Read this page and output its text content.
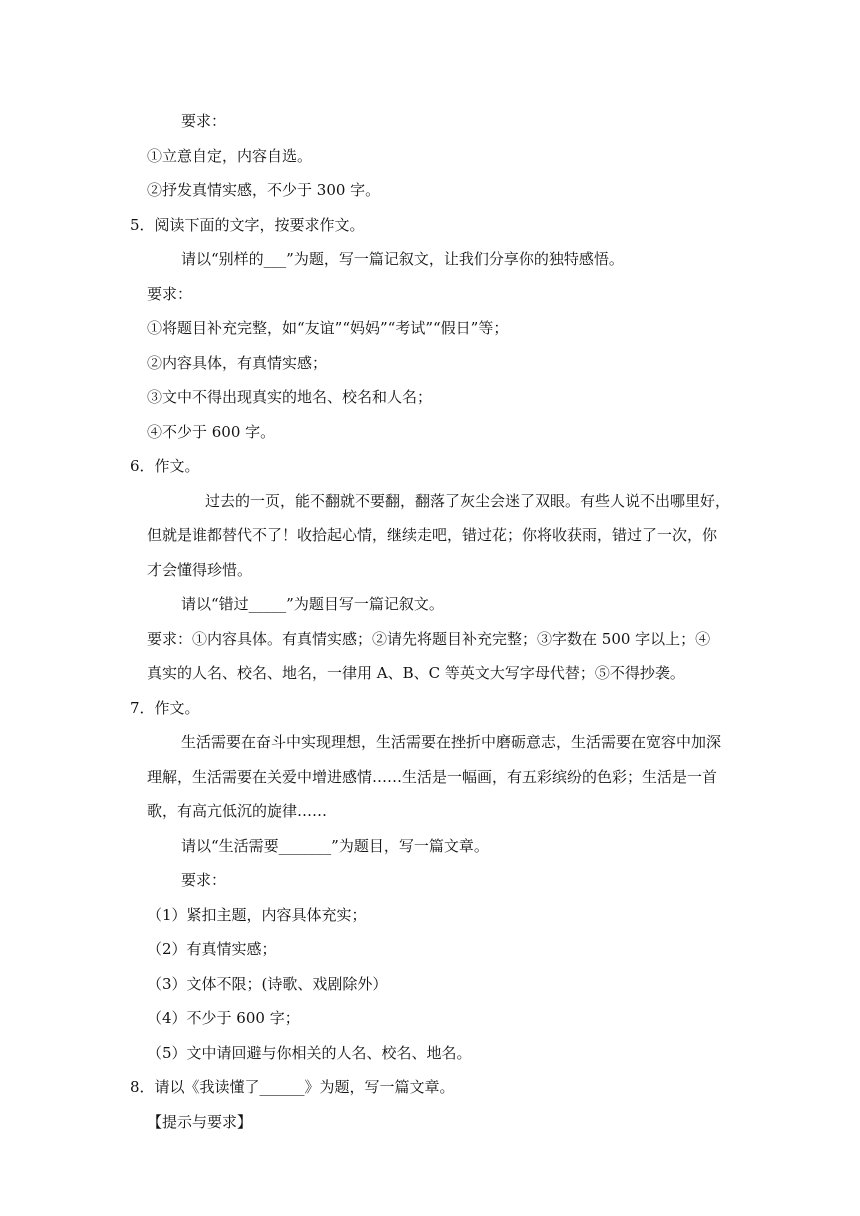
要求：
①立意自定，内容自选。
②抒发真情实感，不少于 300 字。
5．阅读下面的文字，按要求作文。
请以“别样的___”为题，写一篇记叙文，让我们分享你的独特感悟。
要求：
①将题目补充完整，如“友谊”“妈妈”“考试”“假日”等；
②内容具体，有真情实感；
③文中不得出现真实的地名、校名和人名；
④不少于 600 字。
6．作文。
过去的一页，能不翻就不要翻，翻落了灰尘会迷了双眼。有些人说不出哪里好，
但就是谁都替代不了！收拾起心情，继续走吧，错过花；你将收获雨，错过了一次，你
才会懂得珍惜。
请以“错过_____”为题目写一篇记叙文。
要求：①内容具体。有真情实感；②请先将题目补充完整；③字数在 500 字以上；④
真实的人名、校名、地名，一律用 A、B、C 等英文大写字母代替；⑤不得抄袭。
7．作文。
生活需要在奋斗中实现理想，生活需要在挫折中磨砺意志，生活需要在宽容中加深
理解，生活需要在关爱中增进感情……生活是一幅画，有五彩缤纷的色彩；生活是一首
歌，有高亢低沉的旋律……
请以“生活需要_______”为题目，写一篇文章。
要求：
（1）紧扣主题，内容具体充实；
（2）有真情实感；
（3）文体不限；(诗歌、戏剧除外）
（4）不少于 600 字；
（5）文中请回避与你相关的人名、校名、地名。
8．请以《我读懂了______》为题，写一篇文章。
【提示与要求】
